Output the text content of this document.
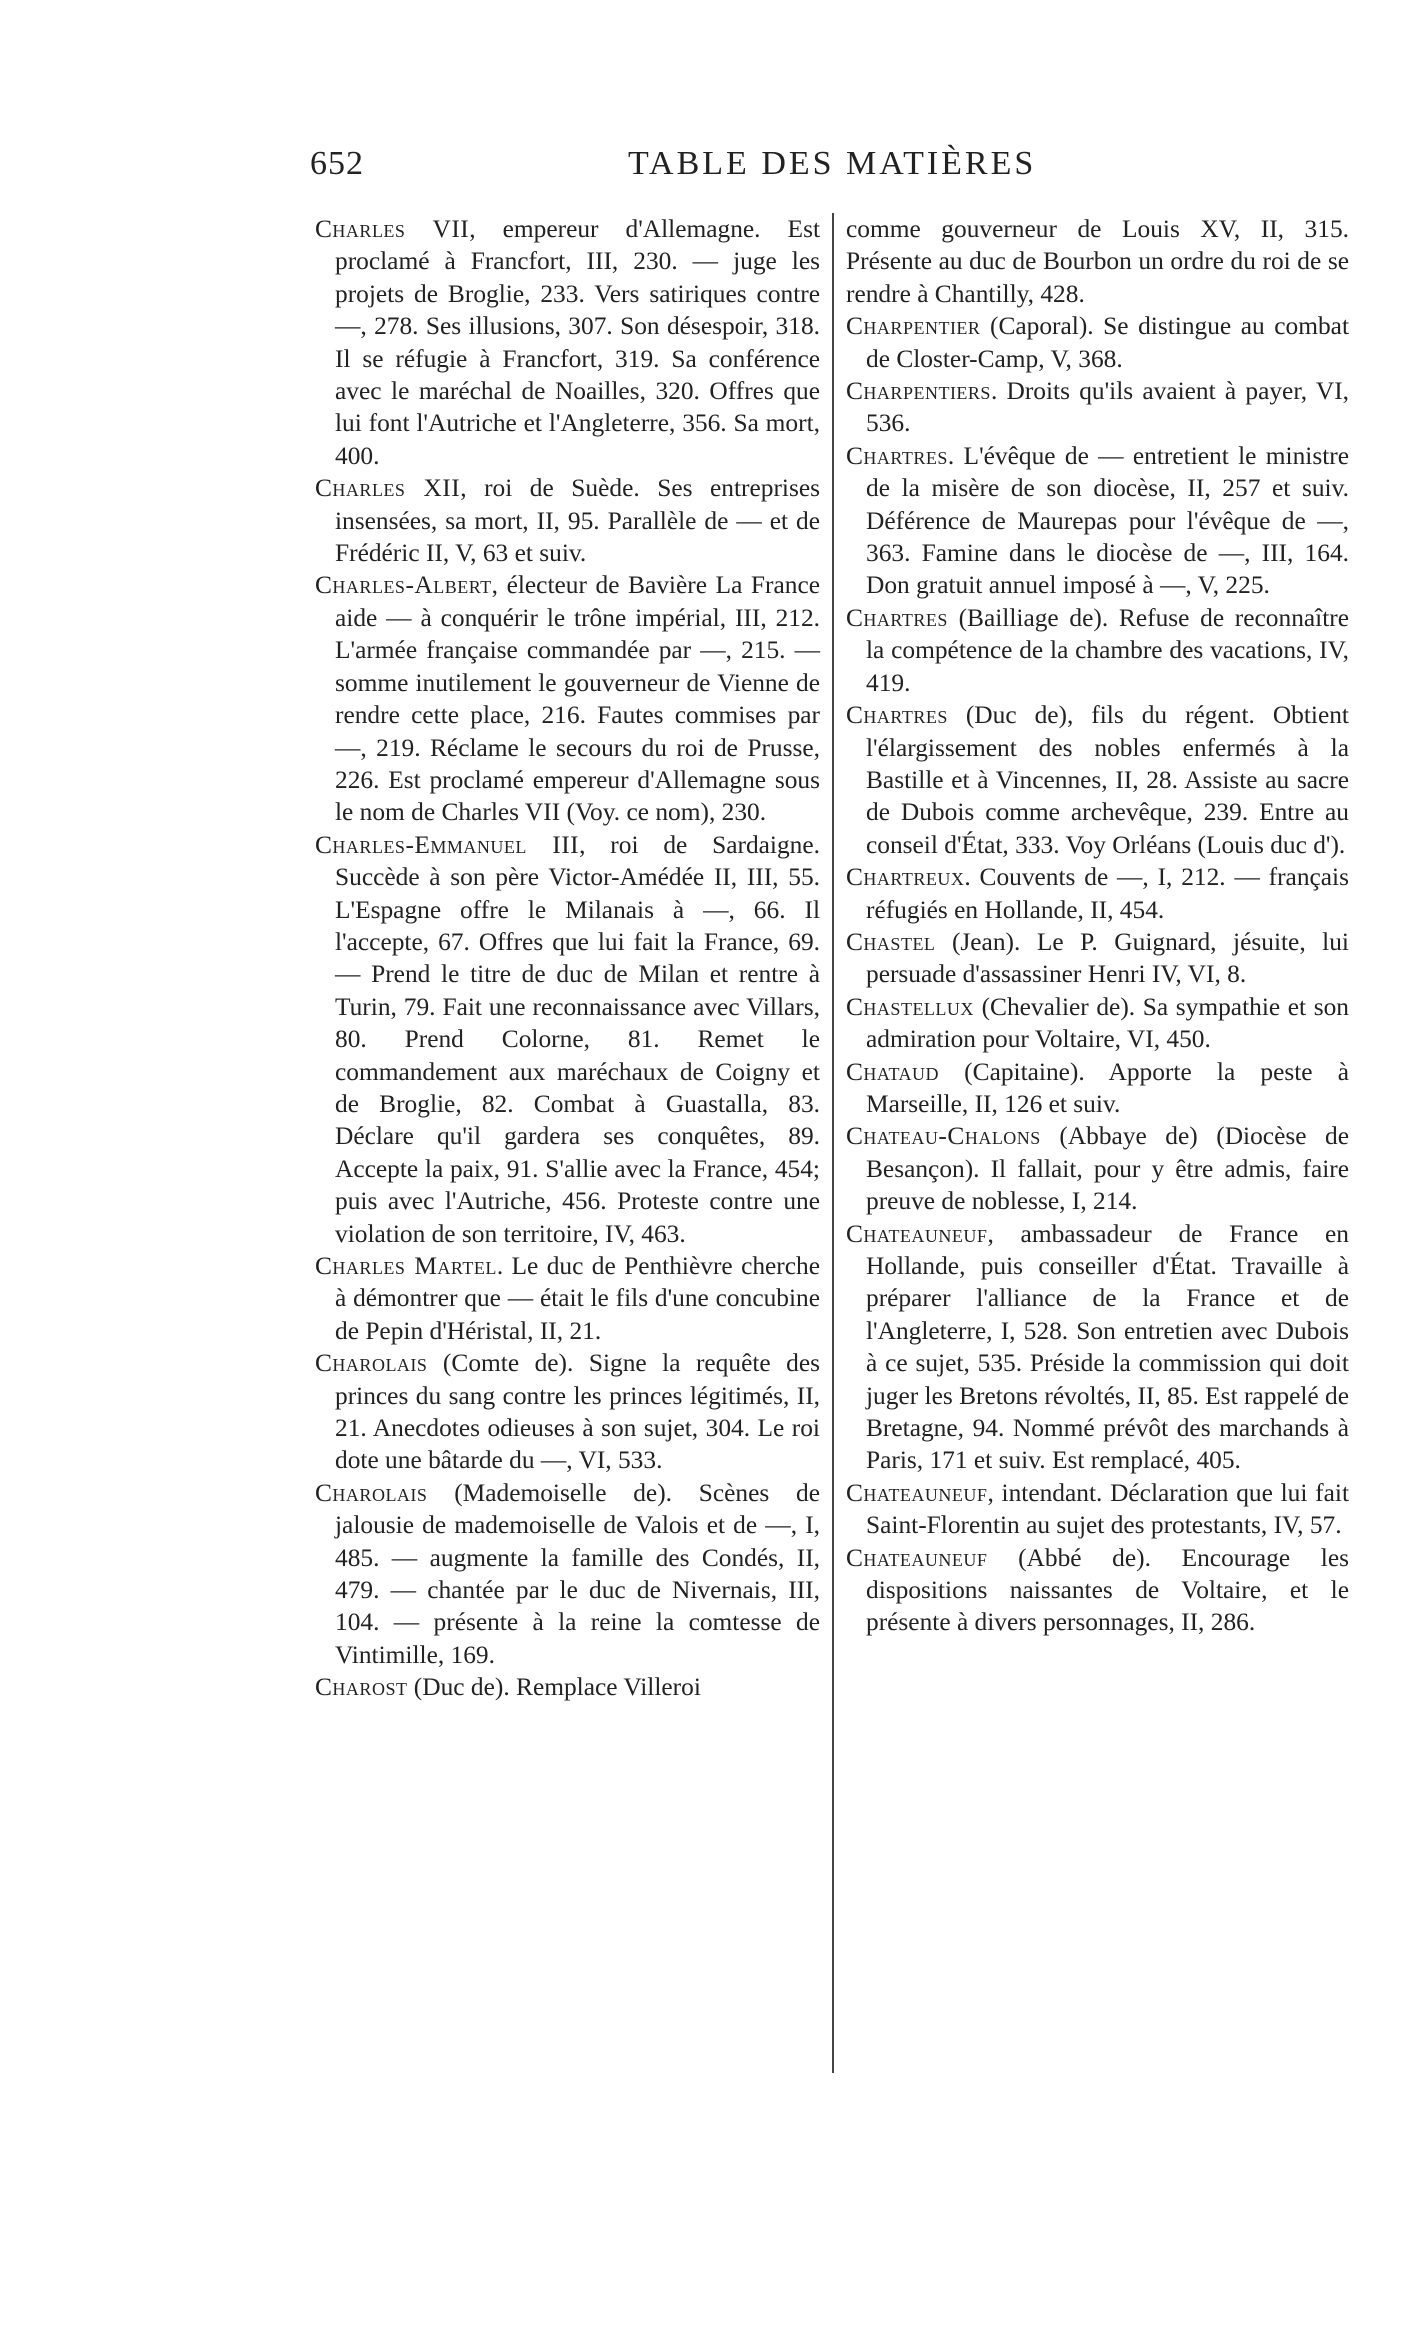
652	TABLE DES MATIÈRES

Charles VII, empereur d'Allemagne. Est proclamé à Francfort, III, 230. — juge les projets de Broglie, 233. Vers satiriques contre —, 278. Ses illusions, 307. Son désespoir, 318. Il se réfugie à Francfort, 319. Sa conférence avec le maréchal de Noailles, 320. Offres que lui font l'Autriche et l'Angleterre, 356. Sa mort, 400.

Charles XII, roi de Suède. Ses entreprises insensées, sa mort, II, 95. Parallèle de — et de Frédéric II, V, 63 et suiv.

Charles-Albert, électeur de Bavière La France aide — à conquérir le trône impérial, III, 212. L'armée française commandée par —, 215. — somme inutilement le gouverneur de Vienne de rendre cette place, 216. Fautes commises par —, 219. Réclame le secours du roi de Prusse, 226. Est proclamé empereur d'Allemagne sous le nom de Charles VII (Voy. ce nom), 230.

Charles-Emmanuel III, roi de Sardaigne. Succède à son père Victor-Amédée II, III, 55. L'Espagne offre le Milanais à —, 66. Il l'accepte, 67. Offres que lui fait la France, 69. — Prend le titre de duc de Milan et rentre à Turin, 79. Fait une reconnaissance avec Villars, 80. Prend Colorne, 81. Remet le commandement aux maréchaux de Coigny et de Broglie, 82. Combat à Guastalla, 83. Déclare qu'il gardera ses conquêtes, 89. Accepte la paix, 91. S'allie avec la France, 454; puis avec l'Autriche, 456. Proteste contre une violation de son territoire, IV, 463.

Charles Martel. Le duc de Penthièvre cherche à démontrer que — était le fils d'une concubine de Pepin d'Héristal, II, 21.

Charolais (Comte de). Signe la requête des princes du sang contre les princes légitimés, II, 21. Anecdotes odieuses à son sujet, 304. Le roi dote une bâtarde du —, VI, 533.

Charolais (Mademoiselle de). Scènes de jalousie de mademoiselle de Valois et de —, I, 485. — augmente la famille des Condés, II, 479. — chantée par le duc de Nivernais, III, 104. — présente à la reine la comtesse de Vintimille, 169.

Charost (Duc de). Remplace Villeroi

comme gouverneur de Louis XV, II, 315. Présente au duc de Bourbon un ordre du roi de se rendre à Chantilly, 428.

Charpentier (Caporal). Se distingue au combat de Closter-Camp, V, 368.

Charpentiers. Droits qu'ils avaient à payer, VI, 536.

Chartres. L'évêque de — entretient le ministre de la misère de son diocèse, II, 257 et suiv. Déférence de Maurepas pour l'évêque de —, 363. Famine dans le diocèse de —, III, 164. Don gratuit annuel imposé à —, V, 225.

Chartres (Bailliage de). Refuse de reconnaître la compétence de la chambre des vacations, IV, 419.

Chartres (Duc de), fils du régent. Obtient l'élargissement des nobles enfermés à la Bastille et à Vincennes, II, 28. Assiste au sacre de Dubois comme archevêque, 239. Entre au conseil d'État, 333. Voy Orléans (Louis duc d').

Chartreux. Couvents de —, I, 212. — français réfugiés en Hollande, II, 454.

Chastel (Jean). Le P. Guignard, jésuite, lui persuade d'assassiner Henri IV, VI, 8.

Chastellux (Chevalier de). Sa sympathie et son admiration pour Voltaire, VI, 450.

Chataud (Capitaine). Apporte la peste à Marseille, II, 126 et suiv.

Chateau-Chalons (Abbaye de) (Diocèse de Besançon). Il fallait, pour y être admis, faire preuve de noblesse, I, 214.

Chateauneuf, ambassadeur de France en Hollande, puis conseiller d'État. Travaille à préparer l'alliance de la France et de l'Angleterre, I, 528. Son entretien avec Dubois à ce sujet, 535. Préside la commission qui doit juger les Bretons révoltés, II, 85. Est rappelé de Bretagne, 94. Nommé prévôt des marchands à Paris, 171 et suiv. Est remplacé, 405.

Chateauneuf, intendant. Déclaration que lui fait Saint-Florentin au sujet des protestants, IV, 57.

Chateauneuf (Abbé de). Encourage les dispositions naissantes de Voltaire, et le présente à divers personnages, II, 286.
